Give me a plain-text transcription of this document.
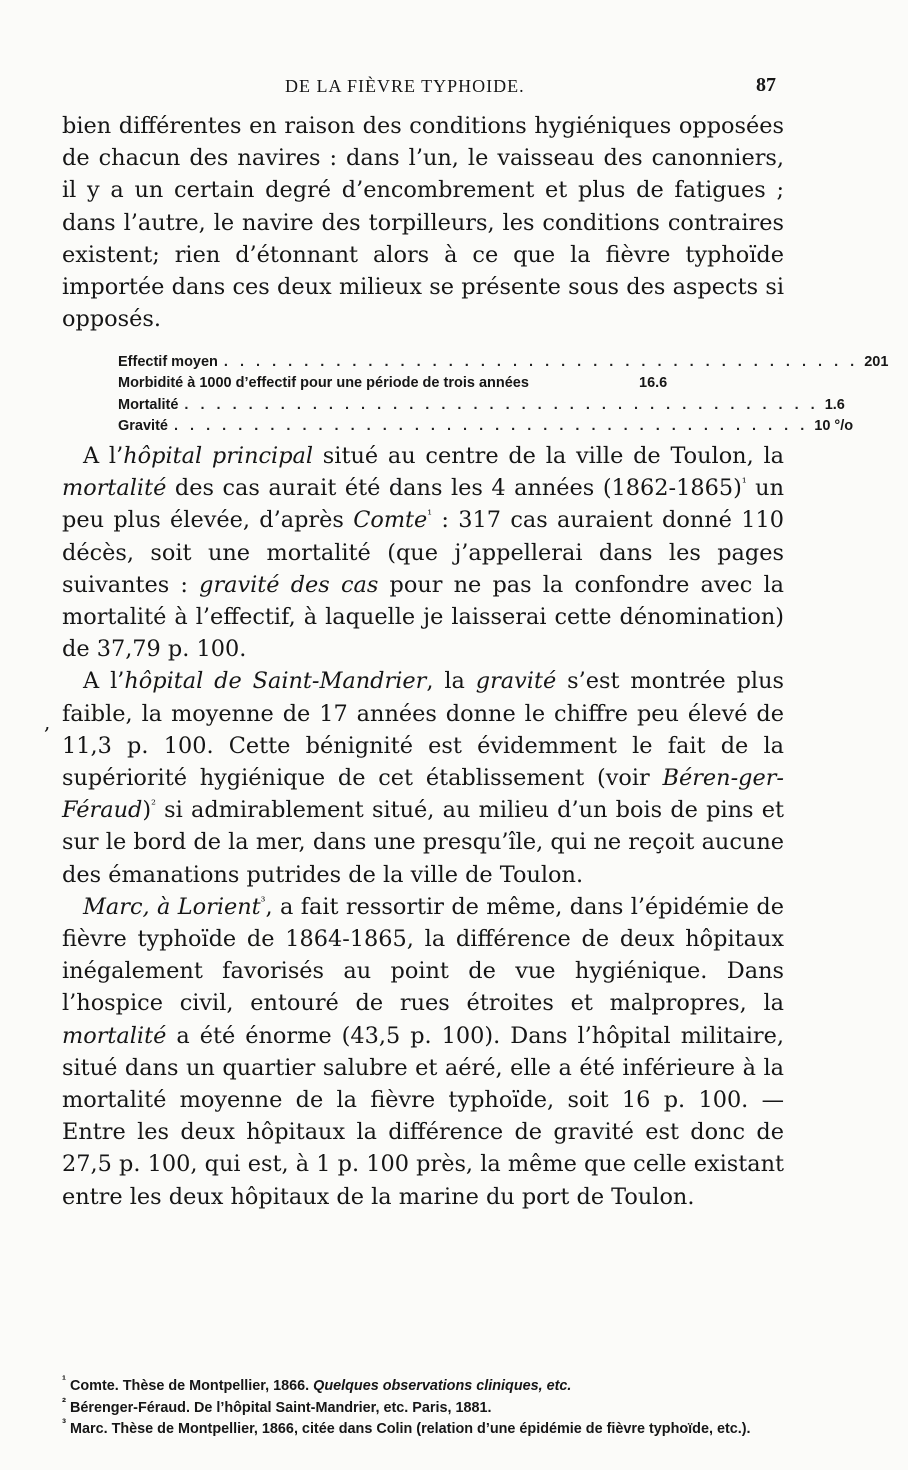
DE LA FIÈVRE TYPHOIDE.	87

bien différentes en raison des conditions hygiéniques opposées de chacun des navires : dans l’un, le vaisseau des canonniers, il y a un certain degré d’encombrement et plus de fatigues ; dans l’autre, le navire des torpilleurs, les conditions contraires existent; rien d’étonnant alors à ce que la fièvre typhoïde importée dans ces deux milieux se présente sous des aspects si opposés.

Effectif moyen . . . . . . . . . . . . . . . . . . . . . . . . . . . . . . . . . . . . . . . . 201
Morbidité à 1000 d’effectif pour une période de trois années	16.6
Mortalité . . . . . . . . . . . . . . . . . . . . . . . . . . . . . . . . . . . . . . . . 1.6
Gravité . . . . . . . . . . . . . . . . . . . . . . . . . . . . . . . . . . . . . . . . 10 °/o
,

A l’hôpital principal situé au centre de la ville de Toulon, la mortalité des cas aurait été dans les 4 années (1862-1865)$^{^1}$ un peu plus élevée, d’après Comte$^{^1}$ : 317 cas auraient donné 110 décès, soit une mortalité (que j’appellerai dans les pages suivantes : gravité des cas pour ne pas la confondre avec la mortalité à l’effectif, à laquelle je laisserai cette dénomination) de 37,79 p. 100.

A l’hôpital de Saint-Mandrier, la gravité s’est montrée plus faible, la moyenne de 17 années donne le chiffre peu élevé de 11,3 p. 100. Cette bénignité est évidemment le fait de la supériorité hygiénique de cet établissement (voir Béren-ger-Féraud)$^{^2}$ si admirablement situé, au milieu d’un bois de pins et sur le bord de la mer, dans une presqu’île, qui ne reçoit aucune des émanations putrides de la ville de Toulon.

Marc, à Lorient$^{^3}$, a fait ressortir de même, dans l’épidémie de fièvre typhoïde de 1864-1865, la différence de deux hôpitaux inégalement favorisés au point de vue hygiénique. Dans l’hospice civil, entouré de rues étroites et malpropres, la mortalité a été énorme (43,5 p. 100). Dans l’hôpital militaire, situé dans un quartier salubre et aéré, elle a été inférieure à la mortalité moyenne de la fièvre typhoïde, soit 16 p. 100. — Entre les deux hôpitaux la différence de gravité est donc de 27,5 p. 100, qui est, à 1 p. 100 près, la même que celle existant entre les deux hôpitaux de la marine du port de Toulon.

$^{^1}$ Comte. Thèse de Montpellier, 1866. Quelques observations cliniques, etc.

$^{^2}$ Bérenger-Féraud. De l’hôpital Saint-Mandrier, etc. Paris, 1881.

$^{^3}$ Marc. Thèse de Montpellier, 1866, citée dans Colin (relation d’une épidémie de fièvre typhoïde, etc.).
